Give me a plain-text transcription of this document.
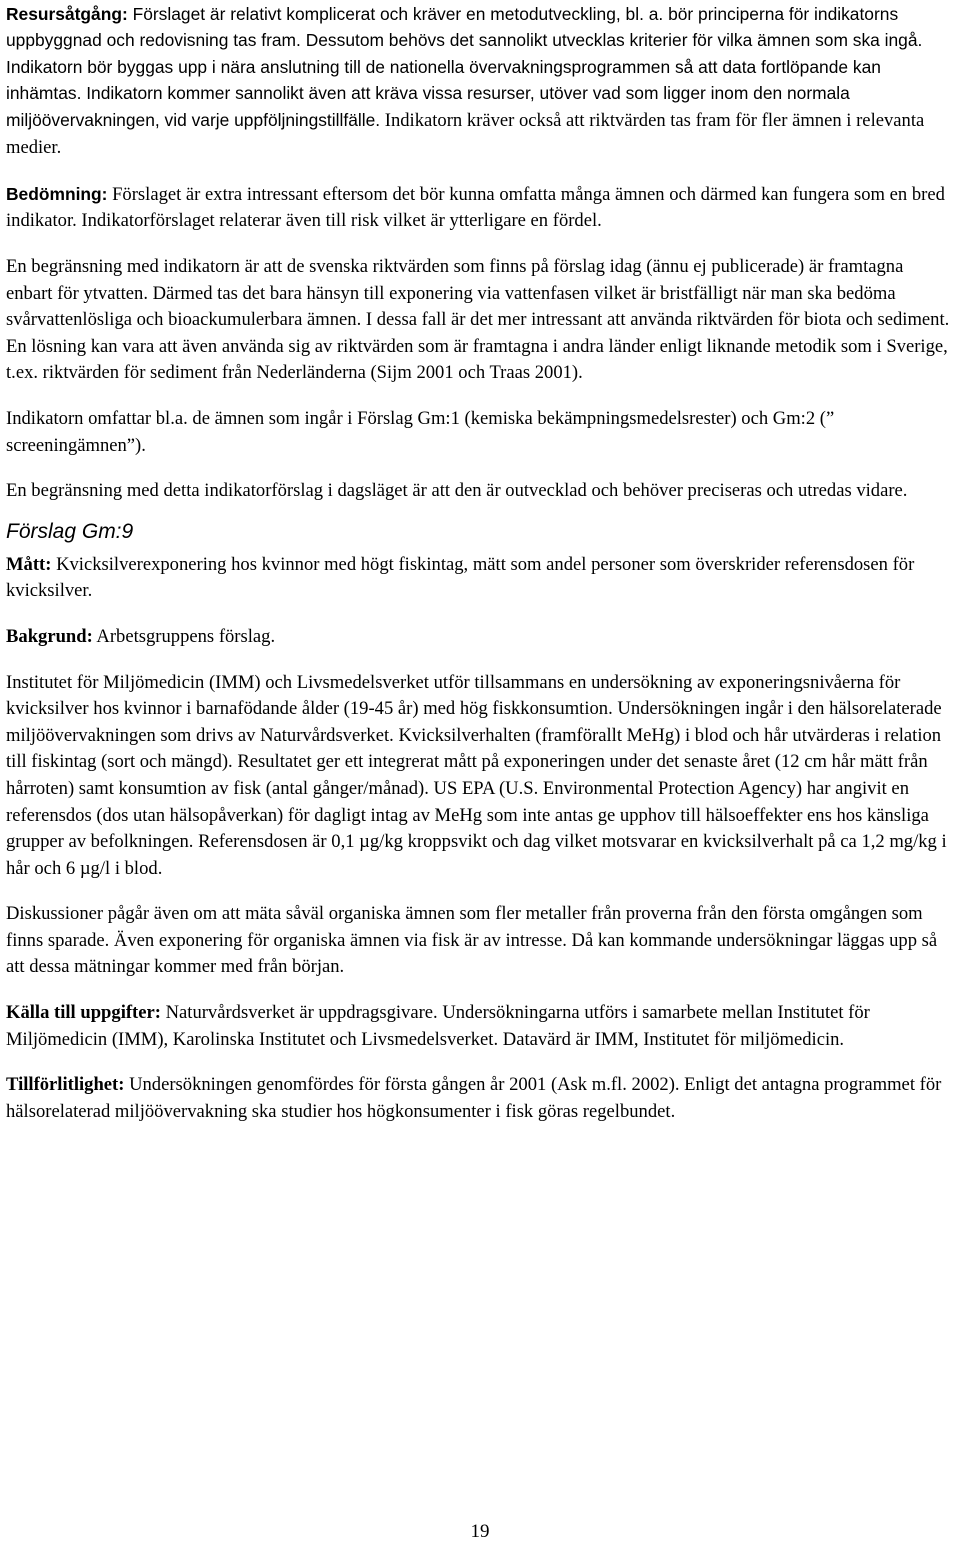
Resursåtgång: Förslaget är relativt komplicerat och kräver en metodutveckling, bl. a. bör principerna för indikatorns uppbyggnad och redovisning tas fram. Dessutom behövs det sannolikt utvecklas kriterier för vilka ämnen som ska ingå. Indikatorn bör byggas upp i nära anslutning till de nationella övervakningsprogrammen så att data fortlöpande kan inhämtas. Indikatorn kommer sannolikt även att kräva vissa resurser, utöver vad som ligger inom den normala miljöövervakningen, vid varje uppföljningstillfälle. Indikatorn kräver också att riktvärden tas fram för fler ämnen i relevanta medier.

Bedömning: Förslaget är extra intressant eftersom det bör kunna omfatta många ämnen och därmed kan fungera som en bred indikator. Indikatorförslaget relaterar även till risk vilket är ytterligare en fördel.

En begränsning med indikatorn är att de svenska riktvärden som finns på förslag idag (ännu ej publicerade) är framtagna enbart för ytvatten. Därmed tas det bara hänsyn till exponering via vattenfasen vilket är bristfälligt när man ska bedöma svårvattenlösliga och bioackumulerbara ämnen. I dessa fall är det mer intressant att använda riktvärden för biota och sediment. En lösning kan vara att även använda sig av riktvärden som är framtagna i andra länder enligt liknande metodik som i Sverige, t.ex. riktvärden för sediment från Nederländerna (Sijm 2001 och Traas 2001).

Indikatorn omfattar bl.a. de ämnen som ingår i Förslag Gm:1 (kemiska bekämpningsmedelsrester) och Gm:2 (” screeningämnen”).

En begränsning med detta indikatorförslag i dagsläget är att den är outvecklad och behöver preciseras och utredas vidare.

Förslag Gm:9

Mått: Kvicksilverexponering hos kvinnor med högt fiskintag, mätt som andel personer som överskrider referensdosen för kvicksilver.

Bakgrund: Arbetsgruppens förslag.

Institutet för Miljömedicin (IMM) och Livsmedelsverket utför tillsammans en undersökning av exponeringsnivåerna för kvicksilver hos kvinnor i barnafödande ålder (19-45 år) med hög fiskkonsumtion. Undersökningen ingår i den hälsorelaterade miljöövervakningen som drivs av Naturvårdsverket. Kvicksilverhalten (framförallt MeHg) i blod och hår utvärderas i relation till fiskintag (sort och mängd). Resultatet ger ett integrerat mått på exponeringen under det senaste året (12 cm hår mätt från hårroten) samt konsumtion av fisk (antal gånger/månad). US EPA (U.S. Environmental Protection Agency) har angivit en referensdos (dos utan hälsopåverkan) för dagligt intag av MeHg som inte antas ge upphov till hälsoeffekter ens hos känsliga grupper av befolkningen. Referensdosen är 0,1 µg/kg kroppsvikt och dag vilket motsvarar en kvicksilverhalt på ca 1,2 mg/kg i hår och 6 µg/l i blod.

Diskussioner pågår även om att mäta såväl organiska ämnen som fler metaller från proverna från den första omgången som finns sparade. Även exponering för organiska ämnen via fisk är av intresse. Då kan kommande undersökningar läggas upp så att dessa mätningar kommer med från början.

Källa till uppgifter: Naturvårdsverket är uppdragsgivare. Undersökningarna utförs i samarbete mellan Institutet för Miljömedicin (IMM), Karolinska Institutet och Livsmedelsverket. Datavärd är IMM, Institutet för miljömedicin.

Tillförlitlighet: Undersökningen genomfördes för första gången år 2001 (Ask m.fl. 2002). Enligt det antagna programmet för hälsorelaterad miljöövervakning ska studier hos högkonsumenter i fisk göras regelbundet.

19
